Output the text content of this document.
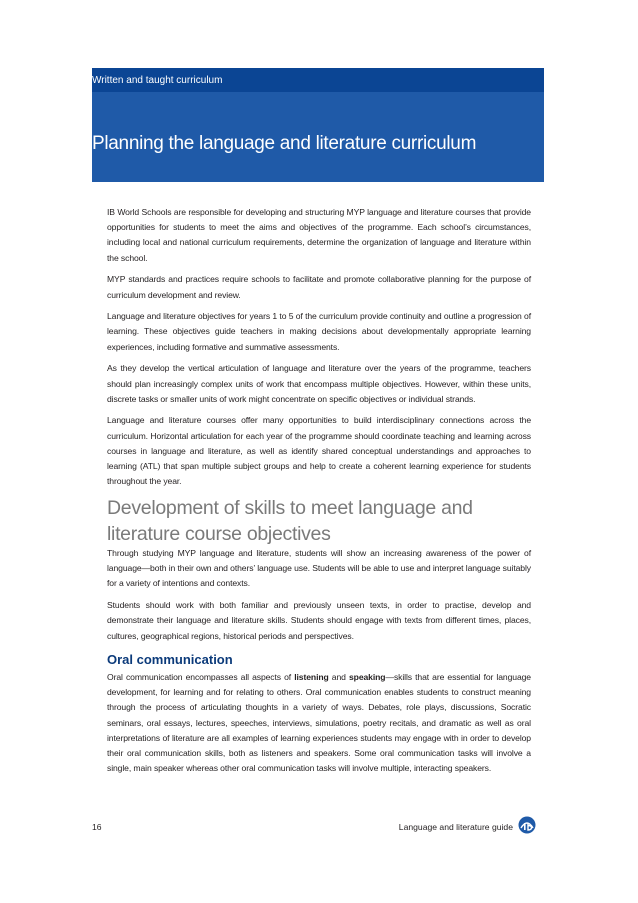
Written and taught curriculum
Planning the language and literature curriculum

IB World Schools are responsible for developing and structuring MYP language and literature courses that provide opportunities for students to meet the aims and objectives of the programme. Each school’s circumstances, including local and national curriculum requirements, determine the organization of language and literature within the school.

MYP standards and practices require schools to facilitate and promote collaborative planning for the purpose of curriculum development and review.

Language and literature objectives for years 1 to 5 of the curriculum provide continuity and outline a progression of learning. These objectives guide teachers in making decisions about developmentally appropriate learning experiences, including formative and summative assessments.

As they develop the vertical articulation of language and literature over the years of the programme, teachers should plan increasingly complex units of work that encompass multiple objectives. However, within these units, discrete tasks or smaller units of work might concentrate on specific objectives or individual strands.

Language and literature courses offer many opportunities to build interdisciplinary connections across the curriculum. Horizontal articulation for each year of the programme should coordinate teaching and learning across courses in language and literature, as well as identify shared conceptual understandings and approaches to learning (ATL) that span multiple subject groups and help to create a coherent learning experience for students throughout the year.

Development of skills to meet language and literature course objectives

Through studying MYP language and literature, students will show an increasing awareness of the power of language—both in their own and others’ language use. Students will be able to use and interpret language suitably for a variety of intentions and contexts.

Students should work with both familiar and previously unseen texts, in order to practise, develop and demonstrate their language and literature skills. Students should engage with texts from different times, places, cultures, geographical regions, historical periods and perspectives.

Oral communication

Oral communication encompasses all aspects of listening and speaking—skills that are essential for language development, for learning and for relating to others. Oral communication enables students to construct meaning through the process of articulating thoughts in a variety of ways. Debates, role plays, discussions, Socratic seminars, oral essays, lectures, speeches, interviews, simulations, poetry recitals, and dramatic as well as oral interpretations of literature are all examples of learning experiences students may engage with in order to develop their oral communication skills, both as listeners and speakers. Some oral communication tasks will involve a single, main speaker whereas other oral communication tasks will involve multiple, interacting speakers.

16	Language and literature guide
